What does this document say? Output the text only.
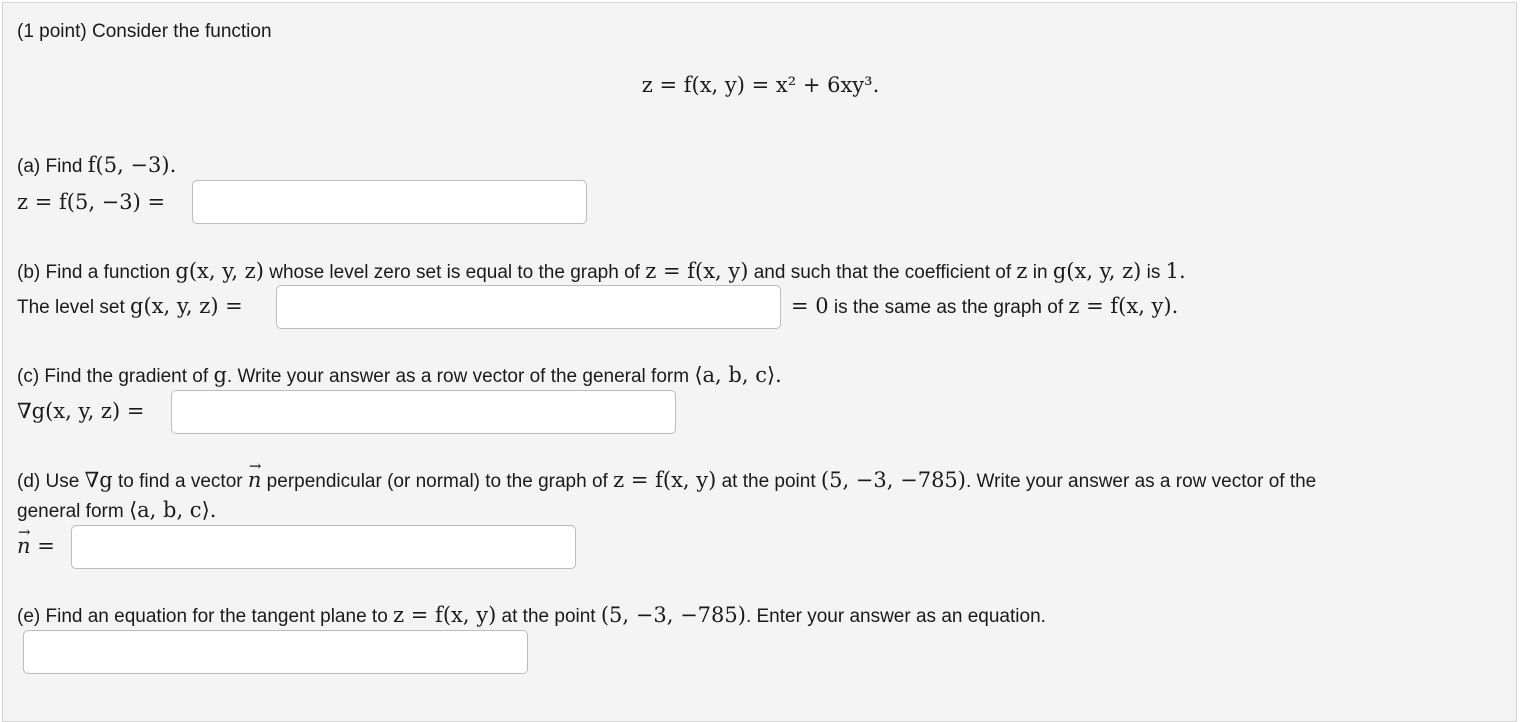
(1 point) Consider the function
z = f(x, y) = x² + 6xy³.
(a) Find f(5, −3).
z = f(5, −3) =
(b) Find a function g(x, y, z) whose level zero set is equal to the graph of z = f(x, y) and such that the coefficient of z in g(x, y, z) is 1.
The level set g(x, y, z) =	= 0 is the same as the graph of z = f(x, y).
(c) Find the gradient of g. Write your answer as a row vector of the general form ⟨a, b, c⟩.
∇g(x, y, z) =
(d) Use ∇g to find a vector → n perpendicular (or normal) to the graph of z = f(x, y) at the point (5, −3, −785). Write your answer as a row vector of the
general form ⟨a, b, c⟩.
→ n =
(e) Find an equation for the tangent plane to z = f(x, y) at the point (5, −3, −785). Enter your answer as an equation.
